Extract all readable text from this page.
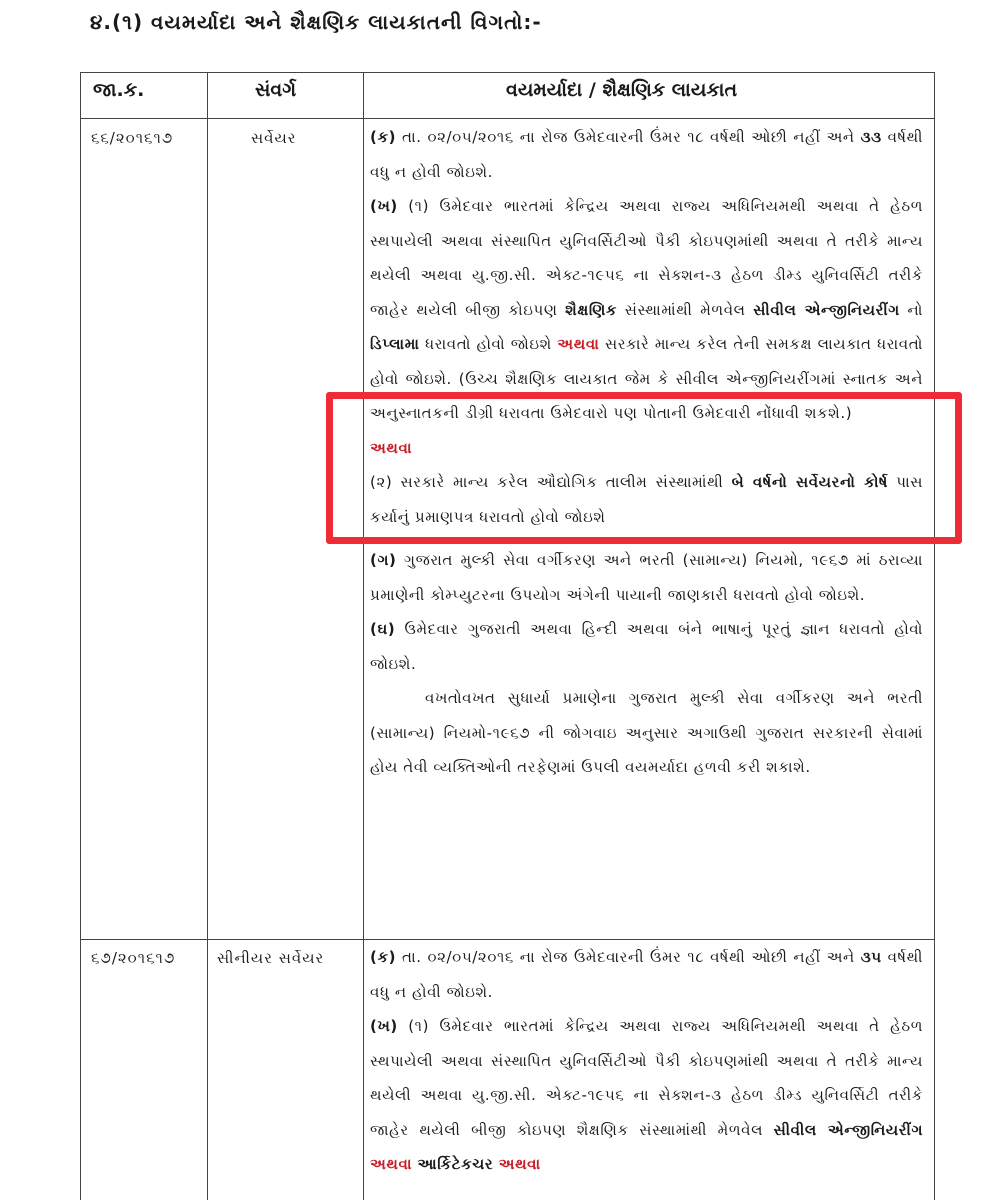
૪.(૧) વયમર્યાદા અને શૈક્ષણિક લાયકાતની વિગતો:-
જા.ક.	સંવર્ગ	વયમર્યાદા / શૈક્ષણિક લાયકાત
૬૬/૨૦૧૬૧૭	સર્વેયર	(ક) તા. ૦૨/૦૫/૨૦૧૬ ના રોજ ઉમેદવારની ઉંમર ૧૮ વર્ષથી ઓછી નહીં અને ૩૩ વર્ષથી વધુ ન હોવી જોઇશે.

(ખ) (૧) ઉમેદવાર ભારતમાં કેન્દ્રિય અથવા રાજ્ય અધિનિયમથી અથવા તે હેઠળ સ્થપાયેલી અથવા સંસ્થાપિત યુનિવર્સિટીઓ પૈકી કોઇપણમાંથી અથવા તે તરીકે માન્ય થયેલી અથવા યુ.જી.સી. એક્ટ-૧૯૫૬ ના સેક્શન-૩ હેઠળ ડીમ્ડ યુનિવર્સિટી તરીકે જાહેર થયેલી બીજી કોઇપણ શૈક્ષણિક સંસ્થામાંથી મેળવેલ સીવીલ એન્જીનિયરીંગ નો ડિપ્લામા ધરાવતો હોવો જોઇશે અથવા સરકારે માન્ય કરેલ તેની સમકક્ષ લાયકાત ધરાવતો હોવો જોઇશે. (ઉચ્ચ શૈક્ષણિક લાયકાત જેમ કે સીવીલ એન્જીનિયરીંગમાં સ્નાતક અને અનુસ્નાતકની ડીગ્રી ધરાવતા ઉમેદવારો પણ પોતાની ઉમેદવારી નોંધાવી શકશે.)

અથવા

(૨) સરકારે માન્ય કરેલ ઔદ્યોગિક તાલીમ સંસ્થામાંથી બે વર્ષનો સર્વેયરનો કોર્ષ પાસ કર્યાનું પ્રમાણપત્ર ધરાવતો હોવો જોઇશે

(ગ) ગુજરાત મુલ્કી સેવા વર્ગીકરણ અને ભરતી (સામાન્ય) નિયમો, ૧૯૬૭ માં ઠરાવ્યા પ્રમાણેની કોમ્પ્યુટરના ઉપયોગ અંગેની પાયાની જાણકારી ધરાવતો હોવો જોઇશે.

(ઘ) ઉમેદવાર ગુજરાતી અથવા હિન્દી અથવા બંને ભાષાનું પૂરતું જ્ઞાન ધરાવતો હોવો જોઇશે.

વખતોવખત સુધાર્યા પ્રમાણેના ગુજરાત મુલ્કી સેવા વર્ગીકરણ અને ભરતી (સામાન્ય) નિયમો-૧૯૬૭ ની જોગવાઇ અનુસાર અગાઉથી ગુજરાત સરકારની સેવામાં હોય તેવી વ્યક્તિઓની તરફેણમાં ઉપલી વયમર્યાદા હળવી કરી શકાશે.

૬૭/૨૦૧૬૧૭	સીનીયર સર્વેયર	(ક) તા. ૦૨/૦૫/૨૦૧૬ ના રોજ ઉમેદવારની ઉંમર ૧૮ વર્ષથી ઓછી નહીં અને ૩૫ વર્ષથી વધુ ન હોવી જોઇશે.

(ખ) (૧) ઉમેદવાર ભારતમાં કેન્દ્રિય અથવા રાજ્ય અધિનિયમથી અથવા તે હેઠળ સ્થપાયેલી અથવા સંસ્થાપિત યુનિવર્સિટીઓ પૈકી કોઇપણમાંથી અથવા તે તરીકે માન્ય થયેલી અથવા યુ.જી.સી. એક્ટ-૧૯૫૬ ના સેક્શન-૩ હેઠળ ડીમ્ડ યુનિવર્સિટી તરીકે જાહેર થયેલી બીજી કોઇપણ શૈક્ષણિક સંસ્થામાંથી મેળવેલ સીવીલ એન્જીનિયરીંગ અથવા આર્કિટેકચર અથવા
